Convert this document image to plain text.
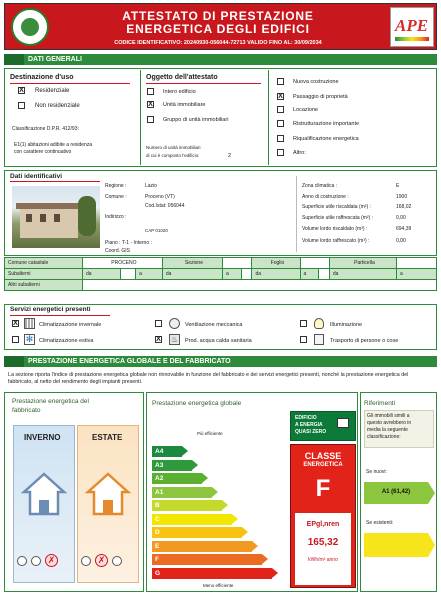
ATTESTATO DI PRESTAZIONE
ENERGETICA DEGLI EDIFICI
CODICE IDENTIFICATIVO: 20240930-056044-72713 VALIDO FINO AL: 30/09/2034
APE
DATI GENERALI
Destinazione d'uso
X Residenziale
Non residenziale
Classificazione D.P.R. 412/93:
E1(1) abitazioni adibite a residenza
con carattere continuativo
Oggetto dell'attestato
Intero edificio
X Unità immobiliare
Gruppo di unità immobiliari
Numero di unità immobiliari
di cui è composto l'edificio:	2
Nuova costruzione
X Passaggio di proprietà
Locazione
Ristrutturazione importante
Riqualificazione energetica
Altro:
Dati identificativi
Regione :	Lazio
Comune :	Proceno (VT)
Cod.Istat: 056044
Indirizzo :
CAP 01020
Piano : T-1 - Interno :
Coord. GIS
Zona climatica :	E
Anno di costruzione :	1900
Superficie utile riscaldata (m²) :	168,02
Superficie utile raffrescata (m²) :	0,00
Volume lordo riscaldato (m³) :	694,39
Volume lordo raffrescato (m³) :	0,00
Comune catastale	PROCENO			Sezione			Foglio			Particella	
Subalterni	da		a	da	a		da	a		da	a
Altri subalterni											
Servizi energetici presenti
X	Climatizzazione invernale	Ventilazione meccanica	Illuminazione
✻	Climatizzazione estiva	X ♨	Prod. acqua calda sanitaria	Trasporto di persone o cose
PRESTAZIONE ENERGETICA GLOBALE E DEL FABBRICATO
La sezione riporta l'indice di prestazione energetica globale non rinnovabile in funzione del fabbricato e dei servizi energetici presenti, nonché la prestazione energetica del fabbricato, al netto del rendimento degli impianti presenti.
Prestazione energetica del
fabbricato
INVERNO	ESTATE
✗	✗
Prestazione energetica globale
Più efficiente
Meno efficiente
EDIFICIO
A ENERGIA
QUASI ZERO
CLASSE
ENERGETICA
F
EPgl,nren
165,32
kWh/m² anno
Riferimenti
Gli immobili simili a
questo avrebbero in
media la seguente
classificazione:
Se nuovi:
A1 (61,42)
Se esistenti:
A4
A3
A2
A1
B
C
D
E
F
G
